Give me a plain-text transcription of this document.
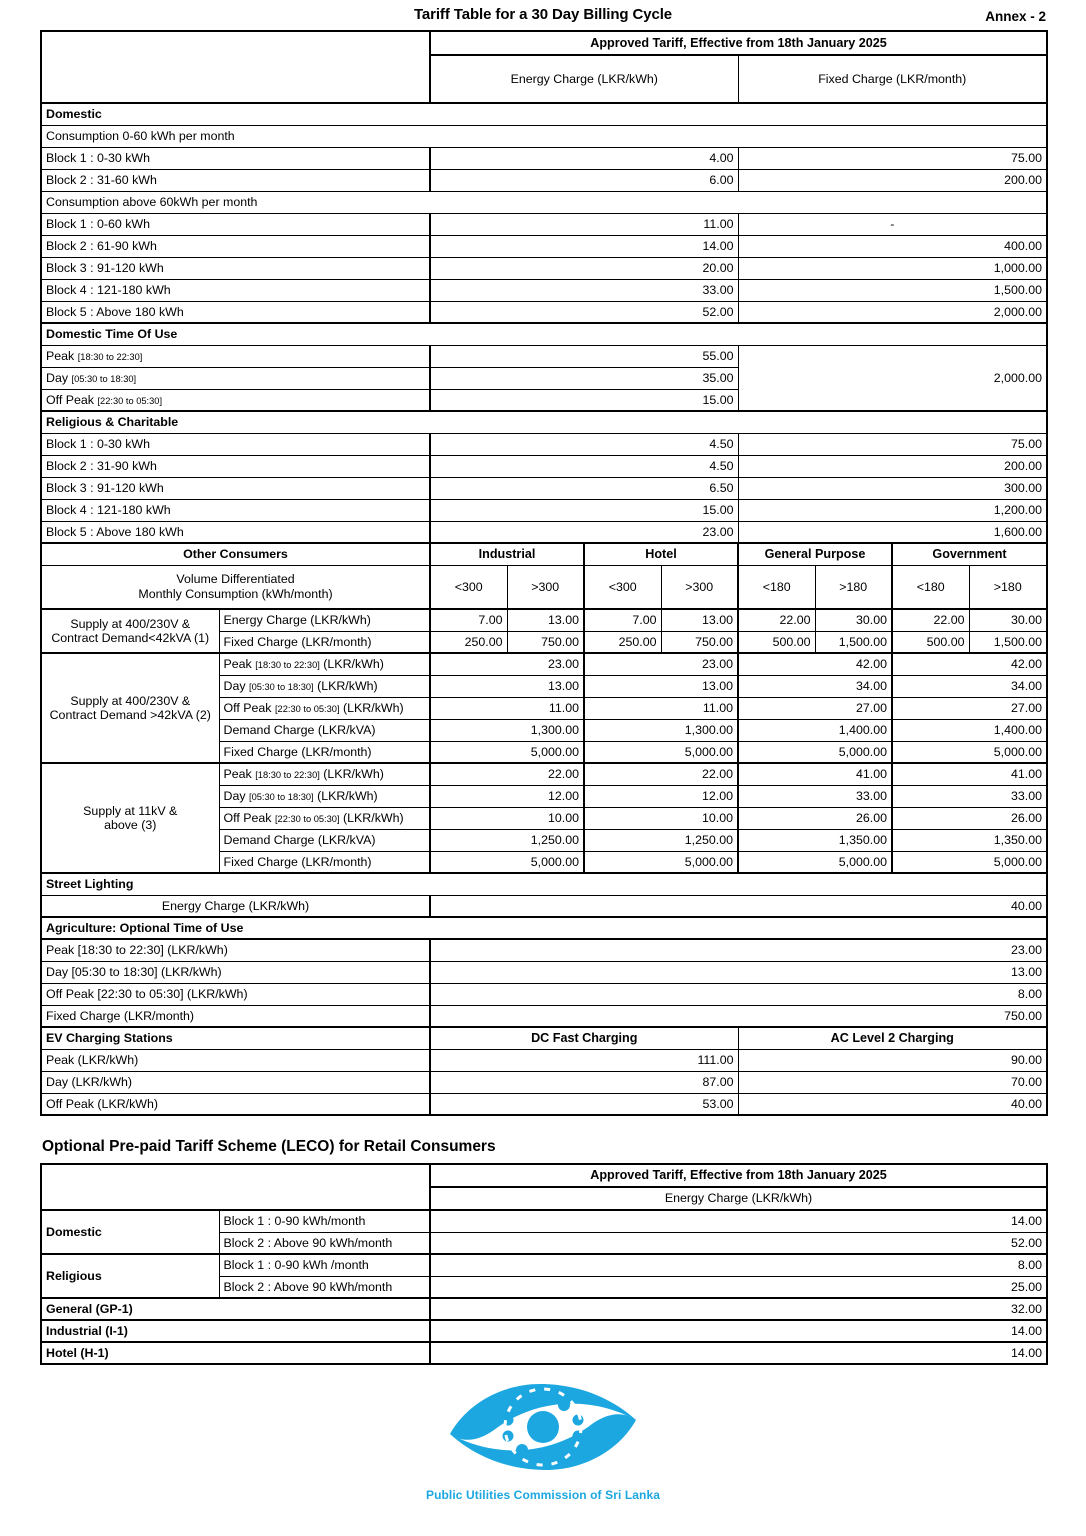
Tariff Table for a 30 Day Billing Cycle	Annex - 2
		Approved Tariff, Effective from 18th January 2025							
		Energy Charge (LKR/kWh)				Fixed Charge (LKR/month)			
Domestic									
Consumption 0-60 kWh per month									
Block 1 : 0-30 kWh		4.00				75.00			
Block 2 : 31-60 kWh		6.00				200.00			
Consumption above 60kWh per month									
Block 1 : 0-60 kWh		11.00				-			
Block 2 : 61-90 kWh		14.00				400.00			
Block 3 : 91-120 kWh		20.00				1,000.00			
Block 4 : 121-180 kWh		33.00				1,500.00			
Block 5 : Above 180 kWh		52.00				2,000.00			
Domestic Time Of Use									
Peak [18:30 to 22:30]		55.00				2,000.00			
Day [05:30 to 18:30]		35.00							
Off Peak [22:30 to 05:30]		15.00							
Religious & Charitable									
Block 1 : 0-30 kWh		4.50				75.00			
Block 2 : 31-90 kWh		4.50				200.00			
Block 3 : 91-120 kWh		6.50				300.00			
Block 4 : 121-180 kWh		15.00				1,200.00			
Block 5 : Above 180 kWh		23.00				1,600.00			
Other Consumers		Industrial		Hotel		General Purpose		Government	
Volume Differentiated
Monthly Consumption (kWh/month)		<300	>300	<300	>300	<180	>180	<180	>180
Supply at 400/230V &
Contract Demand<42kVA (1)	Energy Charge (LKR/kWh)	7.00	13.00	7.00	13.00	22.00	30.00	22.00	30.00
	Fixed Charge (LKR/month)	250.00	750.00	250.00	750.00	500.00	1,500.00	500.00	1,500.00
Supply at 400/230V &
Contract Demand >42kVA (2)	Peak [18:30 to 22:30] (LKR/kWh)	23.00		23.00		42.00		42.00	
	Day [05:30 to 18:30] (LKR/kWh)	13.00		13.00		34.00		34.00	
	Off Peak [22:30 to 05:30] (LKR/kWh)	11.00		11.00		27.00		27.00	
	Demand Charge (LKR/kVA)	1,300.00		1,300.00		1,400.00		1,400.00	
	Fixed Charge (LKR/month)	5,000.00		5,000.00		5,000.00		5,000.00	
Supply at 11kV &
above (3)	Peak [18:30 to 22:30] (LKR/kWh)	22.00		22.00		41.00		41.00	
	Day [05:30 to 18:30] (LKR/kWh)	12.00		12.00		33.00		33.00	
	Off Peak [22:30 to 05:30] (LKR/kWh)	10.00		10.00		26.00		26.00	
	Demand Charge (LKR/kVA)	1,250.00		1,250.00		1,350.00		1,350.00	
	Fixed Charge (LKR/month)	5,000.00		5,000.00		5,000.00		5,000.00	
Street Lighting									
Energy Charge (LKR/kWh)		40.00							
Agriculture: Optional Time of Use									
Peak [18:30 to 22:30] (LKR/kWh)		23.00							
Day [05:30 to 18:30] (LKR/kWh)		13.00							
Off Peak [22:30 to 05:30] (LKR/kWh)		8.00							
Fixed Charge (LKR/month)		750.00							
EV Charging Stations		DC Fast Charging				AC Level 2 Charging			
Peak (LKR/kWh)		111.00				90.00			
Day (LKR/kWh)		87.00				70.00			
Off Peak (LKR/kWh)		53.00				40.00			
Optional Pre-paid Tariff Scheme (LECO) for Retail Consumers
		Approved Tariff, Effective from 18th January 2025
		Energy Charge (LKR/kWh)
Domestic	Block 1 : 0-90 kWh/month	14.00
	Block 2 : Above 90 kWh/month	52.00
Religious	Block 1 : 0-90 kWh /month	8.00
	Block 2 : Above 90 kWh/month	25.00
General (GP-1)		32.00
Industrial (I-1)		14.00
Hotel (H-1)		14.00
Public Utilities Commission of Sri Lanka
